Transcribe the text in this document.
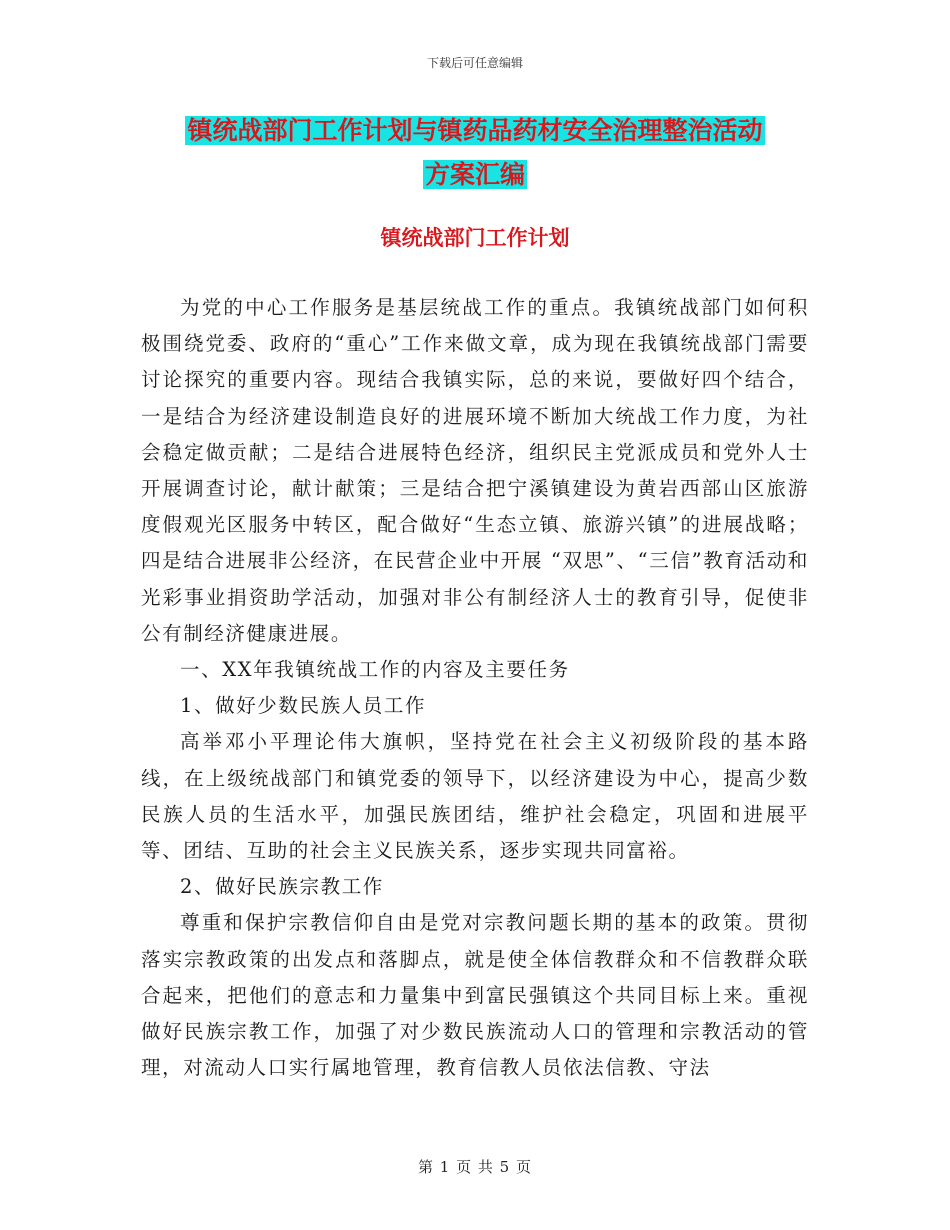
下载后可任意编辑
镇统战部门工作计划与镇药品药材安全治理整治活动
方案汇编
镇统战部门工作计划

为党的中心工作服务是基层统战工作的重点。我镇统战部门如何积极围绕党委、政府的“重心”工作来做文章，成为现在我镇统战部门需要讨论探究的重要内容。现结合我镇实际，总的来说，要做好四个结合，一是结合为经济建设制造良好的进展环境不断加大统战工作力度，为社会稳定做贡献；二是结合进展特色经济，组织民主党派成员和党外人士开展调查讨论，献计献策；三是结合把宁溪镇建设为黄岩西部山区旅游度假观光区服务中转区，配合做好“生态立镇、旅游兴镇”的进展战略；四是结合进展非公经济，在民营企业中开展 “双思”、“三信”教育活动和光彩事业捐资助学活动，加强对非公有制经济人士的教育引导，促使非公有制经济健康进展。

一、XX年我镇统战工作的内容及主要任务

1、做好少数民族人员工作

高举邓小平理论伟大旗帜，坚持党在社会主义初级阶段的基本路线，在上级统战部门和镇党委的领导下，以经济建设为中心，提高少数民族人员的生活水平，加强民族团结，维护社会稳定，巩固和进展平等、团结、互助的社会主义民族关系，逐步实现共同富裕。

2、做好民族宗教工作

尊重和保护宗教信仰自由是党对宗教问题长期的基本的政策。贯彻落实宗教政策的出发点和落脚点，就是使全体信教群众和不信教群众联合起来，把他们的意志和力量集中到富民强镇这个共同目标上来。重视做好民族宗教工作，加强了对少数民族流动人口的管理和宗教活动的管理，对流动人口实行属地管理，教育信教人员依法信教、守法

第 1 页 共 5 页
